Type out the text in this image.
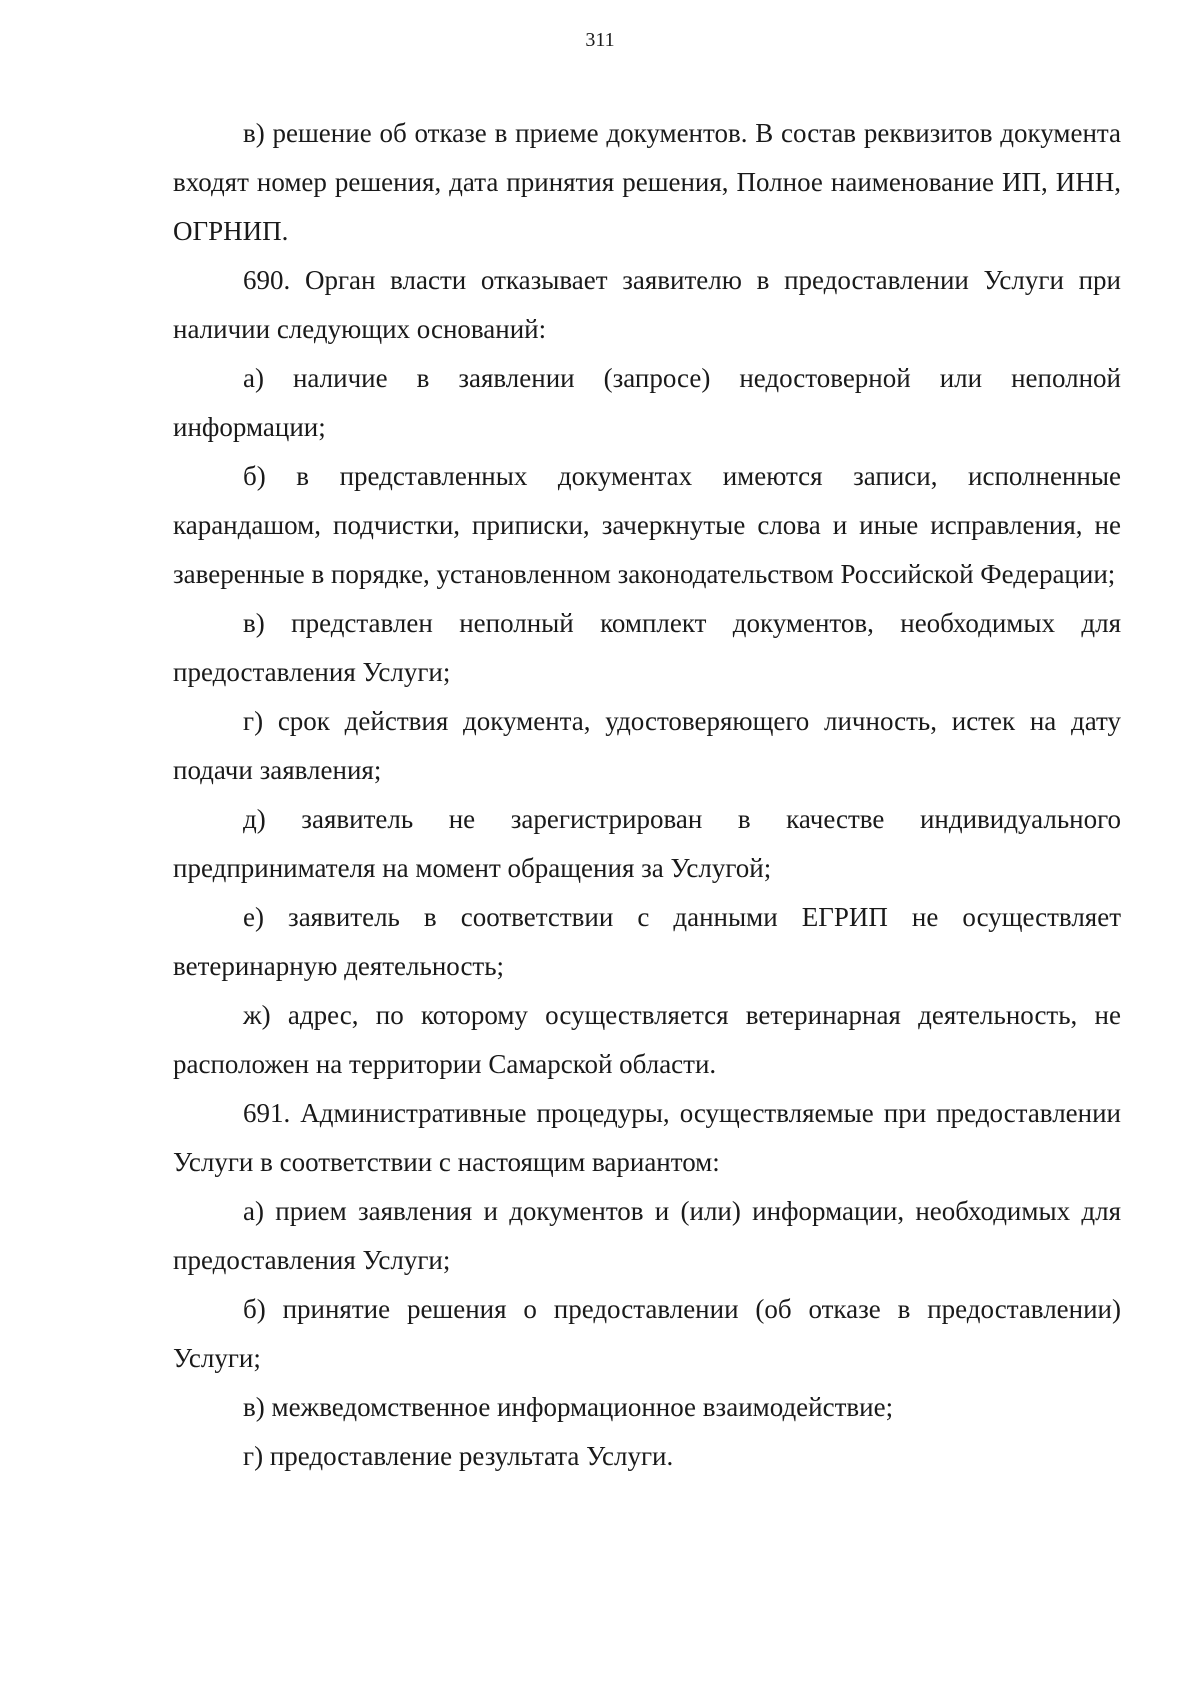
311

в) решение об отказе в приеме документов. В состав реквизитов документа входят номер решения, дата принятия решения, Полное наименование ИП, ИНН, ОГРНИП.

690. Орган власти отказывает заявителю в предоставлении Услуги при наличии следующих оснований:

а) наличие в заявлении (запросе) недостоверной или неполной информации;

б) в представленных документах имеются записи, исполненные карандашом, подчистки, приписки, зачеркнутые слова и иные исправления, не заверенные в порядке, установленном законодательством Российской Федерации;

в) представлен неполный комплект документов, необходимых для предоставления Услуги;

г) срок действия документа, удостоверяющего личность, истек на дату подачи заявления;

д) заявитель не зарегистрирован в качестве индивидуального предпринимателя на момент обращения за Услугой;

е) заявитель в соответствии с данными ЕГРИП не осуществляет ветеринарную деятельность;

ж) адрес, по которому осуществляется ветеринарная деятельность, не расположен на территории Самарской области.

691. Административные процедуры, осуществляемые при предоставлении Услуги в соответствии с настоящим вариантом:

а) прием заявления и документов и (или) информации, необходимых для предоставления Услуги;

б) принятие решения о предоставлении (об отказе в предоставлении) Услуги;

в) межведомственное информационное взаимодействие;

г) предоставление результата Услуги.
